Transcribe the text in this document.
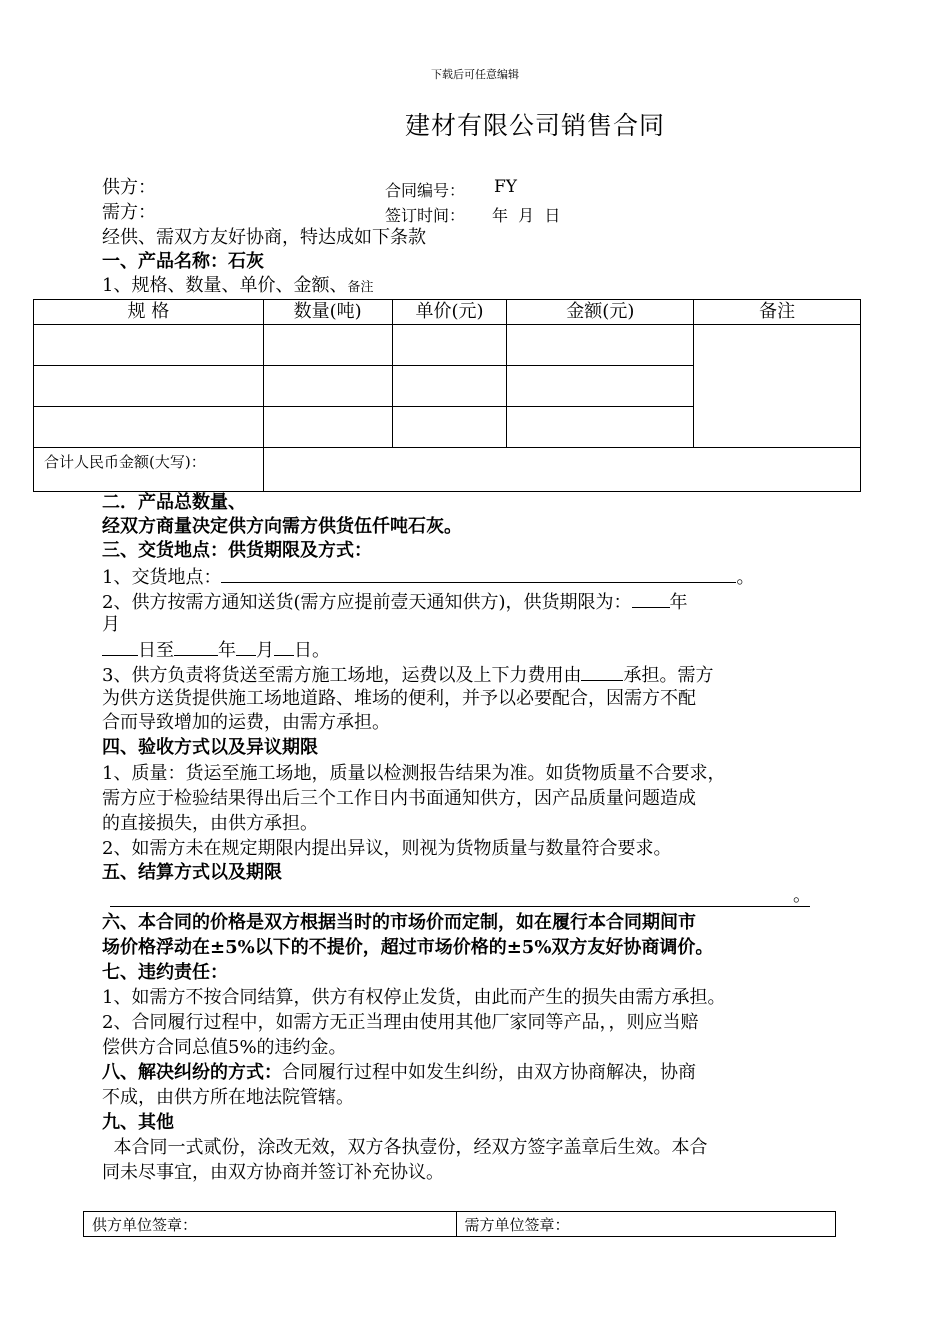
下载后可任意编辑
建材有限公司销售合同
供方：	合同编号： FY
需方：	签订时间： 年  月  日
经供、需双方友好协商，特达成如下条款
一、产品名称：石灰
1、规格、数量、单价、金额、备注
规 格	数量(吨)	单价(元)	金额(元)	备注

合计人民币金额(大写)：				
二．产品总数量、
经双方商量决定供方向需方供货伍仟吨石灰。
三、交货地点：供货期限及方式：
1、交货地点：	。
2、供方按需方通知送货(需方应提前壹天通知供方)，供货期限为： 年
月
日至 年 月 日。
3、供方负责将货送至需方施工场地，运费以及上下力费用由 承担。需方
为供方送货提供施工场地道路、堆场的便利，并予以必要配合，因需方不配
合而导致增加的运费，由需方承担。
四、验收方式以及异议期限
1、质量：货运至施工场地，质量以检测报告结果为准。如货物质量不合要求，
需方应于检验结果得出后三个工作日内书面通知供方，因产品质量问题造成
的直接损失，由供方承担。
2、如需方未在规定期限内提出异议，则视为货物质量与数量符合要求。
五、结算方式以及期限
。
六、本合同的价格是双方根据当时的市场价而定制，如在履行本合同期间市
场价格浮动在±5%以下的不提价，超过市场价格的±5%双方友好协商调价。
七、违约责任：
1、如需方不按合同结算，供方有权停止发货，由此而产生的损失由需方承担。
2、合同履行过程中，如需方无正当理由使用其他厂家同等产品，，则应当赔
偿供方合同总值5%的违约金。
八、解决纠纷的方式：合同履行过程中如发生纠纷，由双方协商解决，协商
不成，由供方所在地法院管辖。
九、其他
本合同一式贰份，涂改无效，双方各执壹份，经双方签字盖章后生效。本合
同未尽事宜，由双方协商并签订补充协议。
供方单位签章：	需方单位签章：
